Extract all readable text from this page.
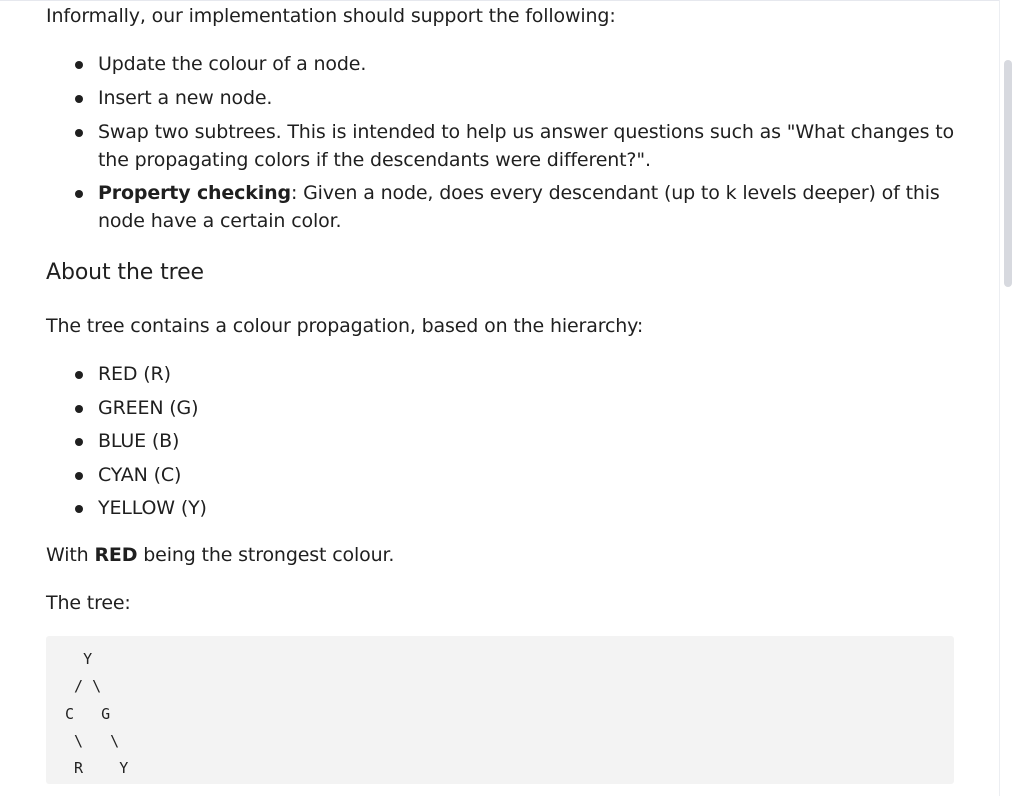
Informally, our implementation should support the following:

Update the colour of a node.
Insert a new node.
Swap two subtrees. This is intended to help us answer questions such as "What changes to the propagating colors if the descendants were different?".
Property checking: Given a node, does every descendant (up to k levels deeper) of this node have a certain color.
About the tree

The tree contains a colour propagation, based on the hierarchy:

RED (R)
GREEN (G)
BLUE (B)
CYAN (C)
YELLOW (Y)

With RED being the strongest colour.

The tree:

Y
/ \
C   G
\   \
R    Y
